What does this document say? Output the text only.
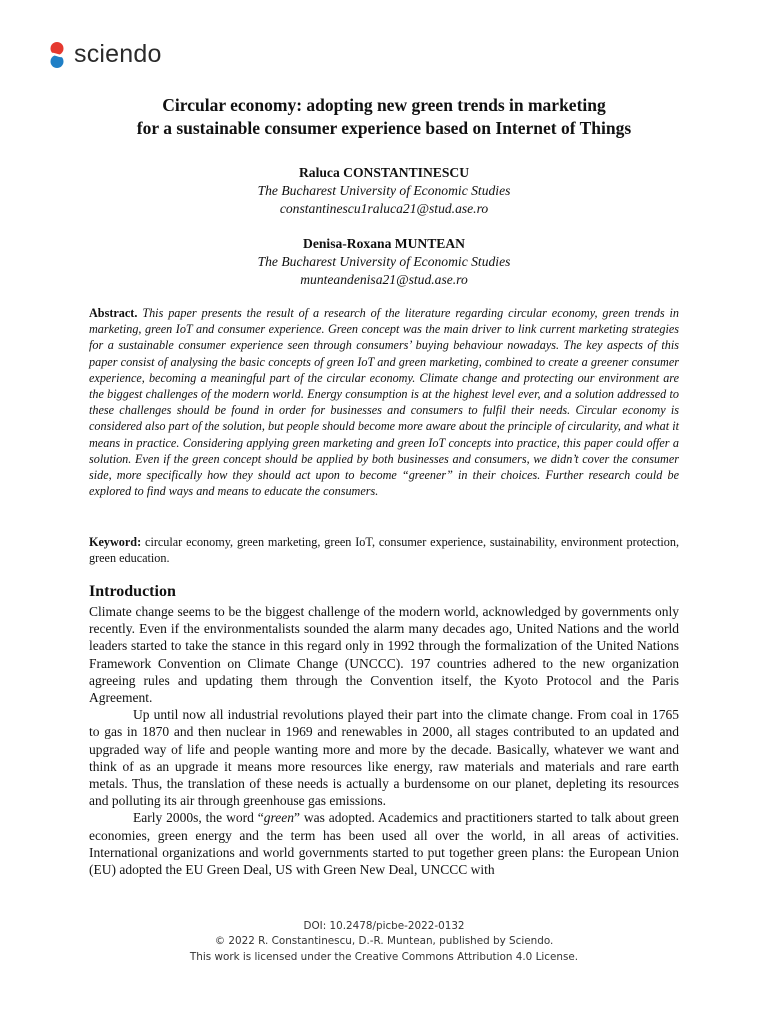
sciendo
Circular economy: adopting new green trends in marketing
for a sustainable consumer experience based on Internet of Things
Raluca CONSTANTINESCU
The Bucharest University of Economic Studies
constantinescu1raluca21@stud.ase.ro
Denisa-Roxana MUNTEAN
The Bucharest University of Economic Studies
munteandenisa21@stud.ase.ro

Abstract. This paper presents the result of a research of the literature regarding circular economy, green trends in marketing, green IoT and consumer experience. Green concept was the main driver to link current marketing strategies for a sustainable consumer experience seen through consumers’ buying behaviour nowadays. The key aspects of this paper consist of analysing the basic concepts of green IoT and green marketing, combined to create a greener consumer experience, becoming a meaningful part of the circular economy. Climate change and protecting our environment are the biggest challenges of the modern world. Energy consumption is at the highest level ever, and a solution addressed to these challenges should be found in order for businesses and consumers to fulfil their needs. Circular economy is considered also part of the solution, but people should become more aware about the principle of circularity, and what it means in practice. Considering applying green marketing and green IoT concepts into practice, this paper could offer a solution. Even if the green concept should be applied by both businesses and consumers, we didn’t cover the consumer side, more specifically how they should act upon to become “greener” in their choices. Further research could be explored to find ways and means to educate the consumers.

Keyword: circular economy, green marketing, green IoT, consumer experience, sustainability, environment protection, green education.

Introduction

Climate change seems to be the biggest challenge of the modern world, acknowledged by governments only recently. Even if the environmentalists sounded the alarm many decades ago, United Nations and the world leaders started to take the stance in this regard only in 1992 through the formalization of the United Nations Framework Convention on Climate Change (UNCCC). 197 countries adhered to the new organization agreeing rules and updating them through the Convention itself, the Kyoto Protocol and the Paris Agreement.

Up until now all industrial revolutions played their part into the climate change. From coal in 1765 to gas in 1870 and then nuclear in 1969 and renewables in 2000, all stages contributed to an updated and upgraded way of life and people wanting more and more by the decade. Basically, whatever we want and think of as an upgrade it means more resources like energy, raw materials and materials and rare earth metals. Thus, the translation of these needs is actually a burdensome on our planet, depleting its resources and polluting its air through greenhouse gas emissions.

Early 2000s, the word “green” was adopted. Academics and practitioners started to talk about green economies, green energy and the term has been used all over the world, in all areas of activities. International organizations and world governments started to put together green plans: the European Union (EU) adopted the EU Green Deal, US with Green New Deal, UNCCC with

DOI: 10.2478/picbe-2022-0132
© 2022 R. Constantinescu, D.-R. Muntean, published by Sciendo.
This work is licensed under the Creative Commons Attribution 4.0 License.
